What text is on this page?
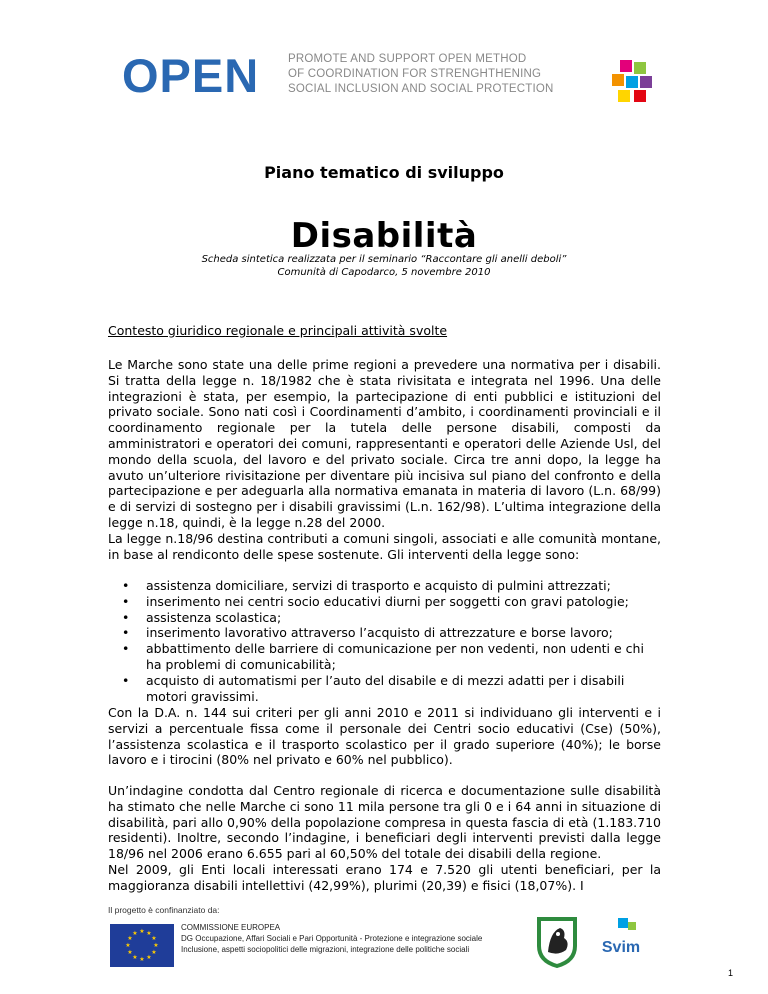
OPEN	PROMOTE AND SUPPORT OPEN METHOD
OF COORDINATION FOR STRENGHTHENING
SOCIAL INCLUSION AND SOCIAL PROTECTION
Piano tematico di sviluppo
Disabilità
Scheda sintetica realizzata per il seminario “Raccontare gli anelli deboli”
Comunità di Capodarco, 5 novembre 2010
Contesto giuridico regionale e principali attività svolte

Le Marche sono state una delle prime regioni a prevedere una normativa per i disabili. Si tratta della legge n. 18/1982 che è stata rivisitata e integrata nel 1996. Una delle integrazioni è stata, per esempio, la partecipazione di enti pubblici e istituzioni del privato sociale. Sono nati così i Coordinamenti d’ambito, i coordinamenti provinciali e il coordinamento regionale per la tutela delle persone disabili, composti da amministratori e operatori dei comuni, rappresentanti e operatori delle Aziende Usl, del mondo della scuola, del lavoro e del privato sociale. Circa tre anni dopo, la legge ha avuto un’ulteriore rivisitazione per diventare più incisiva sul piano del confronto e della partecipazione e per adeguarla alla normativa emanata in materia di lavoro (L.n. 68/99) e di servizi di sostegno per i disabili gravissimi (L.n. 162/98). L’ultima integrazione della legge n.18, quindi, è la legge n.28 del 2000.

La legge n.18/96 destina contributi a comuni singoli, associati e alle comunità montane, in base al rendiconto delle spese sostenute. Gli interventi della legge sono:

• assistenza domiciliare, servizi di trasporto e acquisto di pulmini attrezzati;
• inserimento nei centri socio educativi diurni per soggetti con gravi patologie;
• assistenza scolastica;
• inserimento lavorativo attraverso l’acquisto di attrezzature e borse lavoro;
• abbattimento delle barriere di comunicazione per non vedenti, non udenti e chi ha problemi di comunicabilità;
• acquisto di automatismi per l’auto del disabile e di mezzi adatti per i disabili motori gravissimi.

Con la D.A. n. 144 sui criteri per gli anni 2010 e 2011 si individuano gli interventi e i servizi a percentuale fissa come il personale dei Centri socio educativi (Cse) (50%), l’assistenza scolastica e il trasporto scolastico per il grado superiore (40%); le borse lavoro e i tirocini (80% nel privato e 60% nel pubblico).

Un’indagine condotta dal Centro regionale di ricerca e documentazione sulle disabilità ha stimato che nelle Marche ci sono 11 mila persone tra gli 0 e i 64 anni in situazione di disabilità, pari allo 0,90% della popolazione compresa in questa fascia di età (1.183.710 residenti). Inoltre, secondo l’indagine, i beneficiari degli interventi previsti dalla legge 18/96 nel 2006 erano 6.655 pari al 60,50% del totale dei disabili della regione.

Nel 2009, gli Enti locali interessati erano 174 e 7.520 gli utenti beneficiari, per la maggioranza disabili intellettivi (42,99%), plurimi (20,39) e fisici (18,07%). I

Il progetto è confinanziato da:
★ ★
★
★
★
★
★
★
★
★
★
★
COMMISSIONE EUROPEA
DG Occupazione, Affari Sociali e Pari Opportunità - Protezione e integrazione sociale
Inclusione, aspetti sociopolitici delle migrazioni, integrazione delle politiche sociali	Svim
1
